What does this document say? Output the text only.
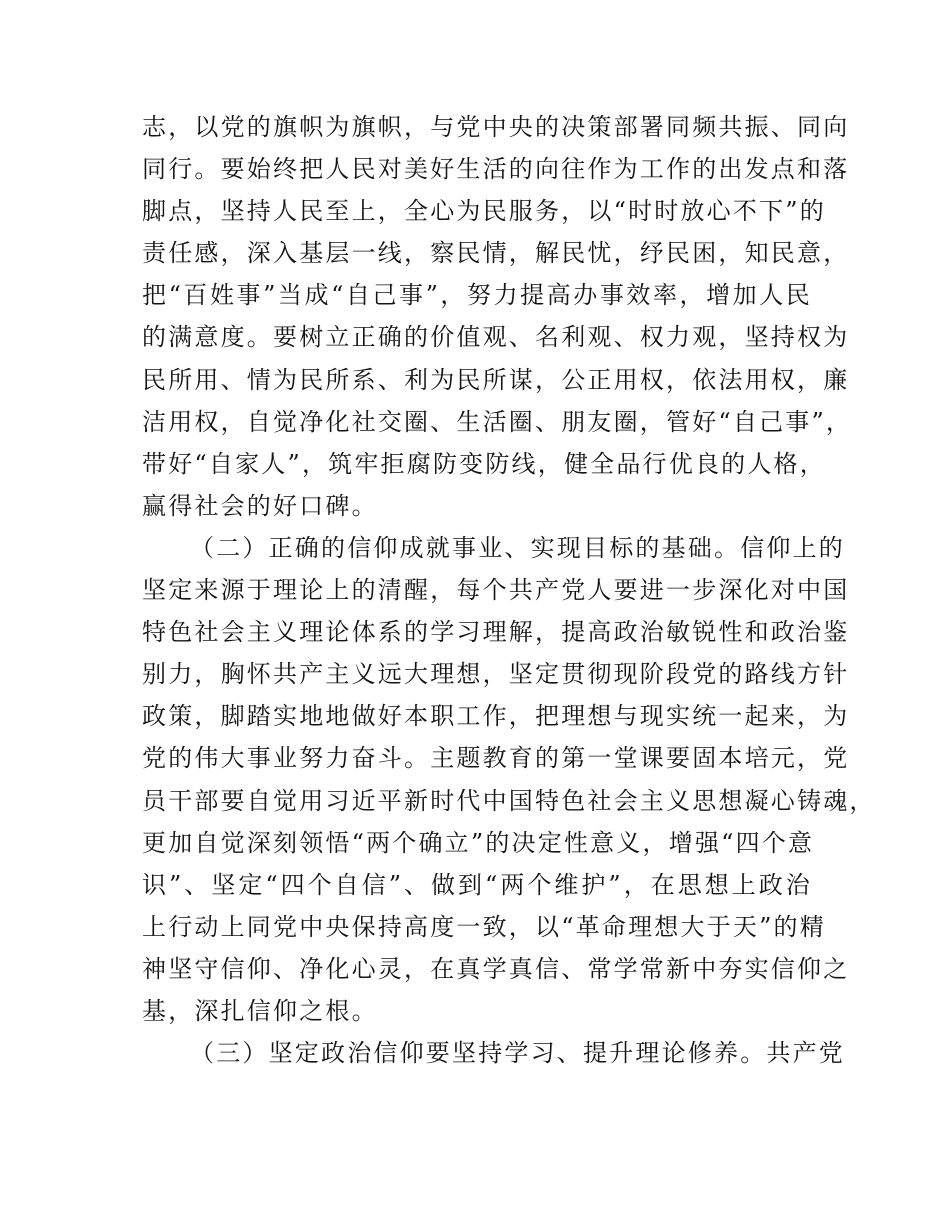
志，以党的旗帜为旗帜，与党中央的决策部署同频共振、同向
同行。要始终把人民对美好生活的向往作为工作的出发点和落
脚点，坚持人民至上，全心为民服务，以“时时放心不下”的
责任感，深入基层一线，察民情，解民忧，纾民困，知民意，
把“百姓事”当成“自己事”，努力提高办事效率，增加人民
的满意度。要树立正确的价值观、名利观、权力观，坚持权为
民所用、情为民所系、利为民所谋，公正用权，依法用权，廉
洁用权，自觉净化社交圈、生活圈、朋友圈，管好“自己事”，
带好“自家人”，筑牢拒腐防变防线，健全品行优良的人格，
赢得社会的好口碑。
（二）正确的信仰成就事业、实现目标的基础。信仰上的
坚定来源于理论上的清醒，每个共产党人要进一步深化对中国
特色社会主义理论体系的学习理解，提高政治敏锐性和政治鉴
别力，胸怀共产主义远大理想，坚定贯彻现阶段党的路线方针
政策，脚踏实地地做好本职工作，把理想与现实统一起来，为
党的伟大事业努力奋斗。主题教育的第一堂课要固本培元，党
员干部要自觉用习近平新时代中国特色社会主义思想凝心铸魂，
更加自觉深刻领悟“两个确立”的决定性意义，增强“四个意
识”、坚定“四个自信”、做到“两个维护”，在思想上政治
上行动上同党中央保持高度一致，以“革命理想大于天”的精
神坚守信仰、净化心灵，在真学真信、常学常新中夯实信仰之
基，深扎信仰之根。
（三）坚定政治信仰要坚持学习、提升理论修养。共产党
